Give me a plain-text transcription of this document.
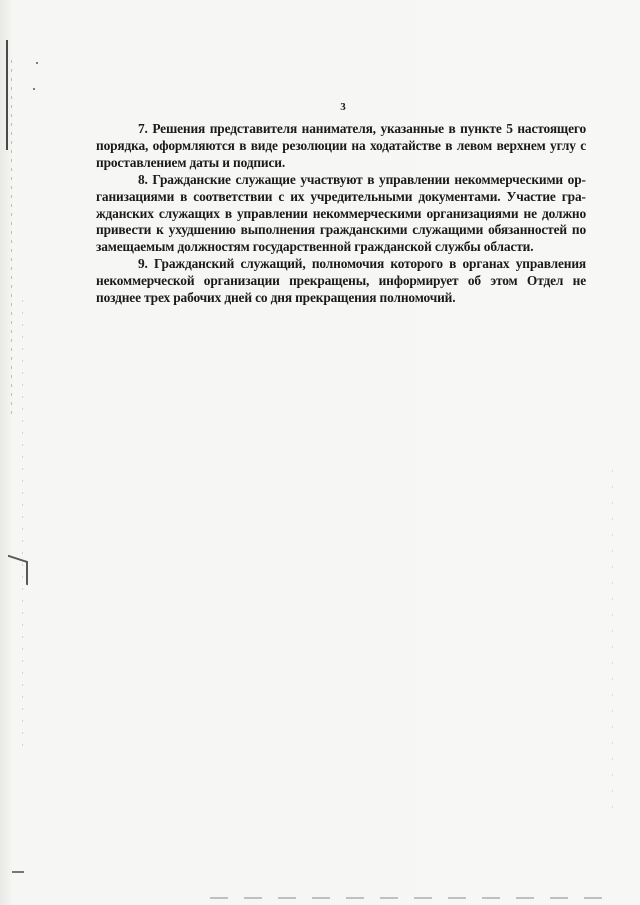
3

7. Решения представителя нанимателя, указанные в пункте 5 настоящего порядка, оформляются в виде резолюции на ходатайстве в левом верхнем углу с проставлением даты и подписи.

8. Гражданские служащие участвуют в управлении некоммерческими организациями в соответствии с их учредительными документами. Участие гражданских служащих в управлении некоммерческими организациями не должно привести к ухудшению выполнения гражданскими служащими обязанностей по замещаемым должностям государственной гражданской службы области.

9. Гражданский служащий, полномочия которого в органах управления некоммерческой организации прекращены, информирует об этом Отдел не позднее трех рабочих дней со дня прекращения полномочий.
